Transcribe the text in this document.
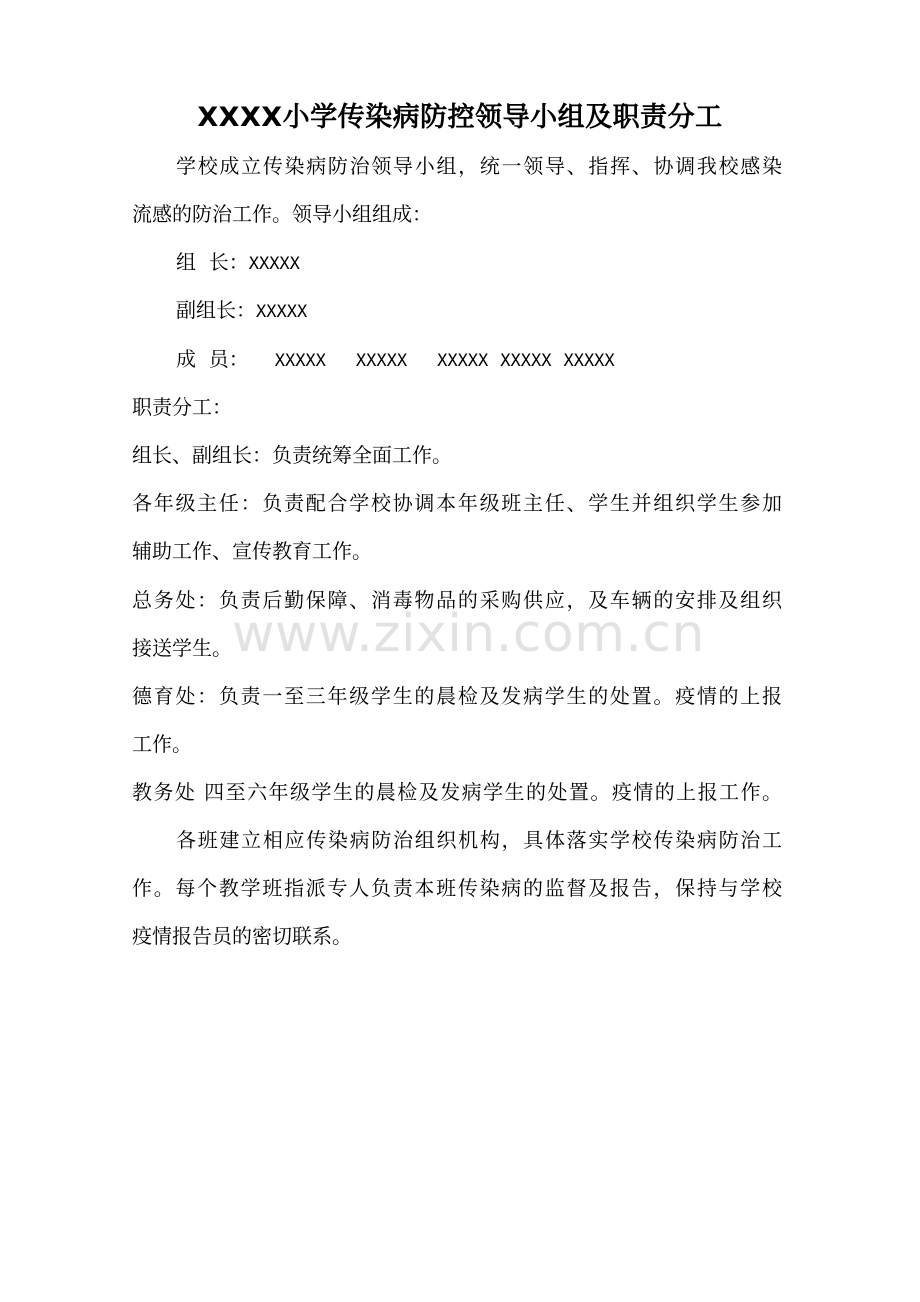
XXXX小学传染病防控领导小组及职责分工
学校成立传染病防治领导小组，统一领导、指挥、协调我校感染
流感的防治工作。领导小组组成：
组  长：XXXXX
副组长：XXXXX
成  员： XXXXX XXXXX XXXXX XXXXX XXXXX
职责分工：
组长、副组长：负责统筹全面工作。
各年级主任：负责配合学校协调本年级班主任、学生并组织学生参加
辅助工作、宣传教育工作。
总务处：负责后勤保障、消毒物品的采购供应，及车辆的安排及组织
接送学生。
德育处：负责一至三年级学生的晨检及发病学生的处置。疫情的上报
工作。
教务处 四至六年级学生的晨检及发病学生的处置。疫情的上报工作。
各班建立相应传染病防治组织机构，具体落实学校传染病防治工
作。每个教学班指派专人负责本班传染病的监督及报告，保持与学校
疫情报告员的密切联系。
www.zixin.com.cn
